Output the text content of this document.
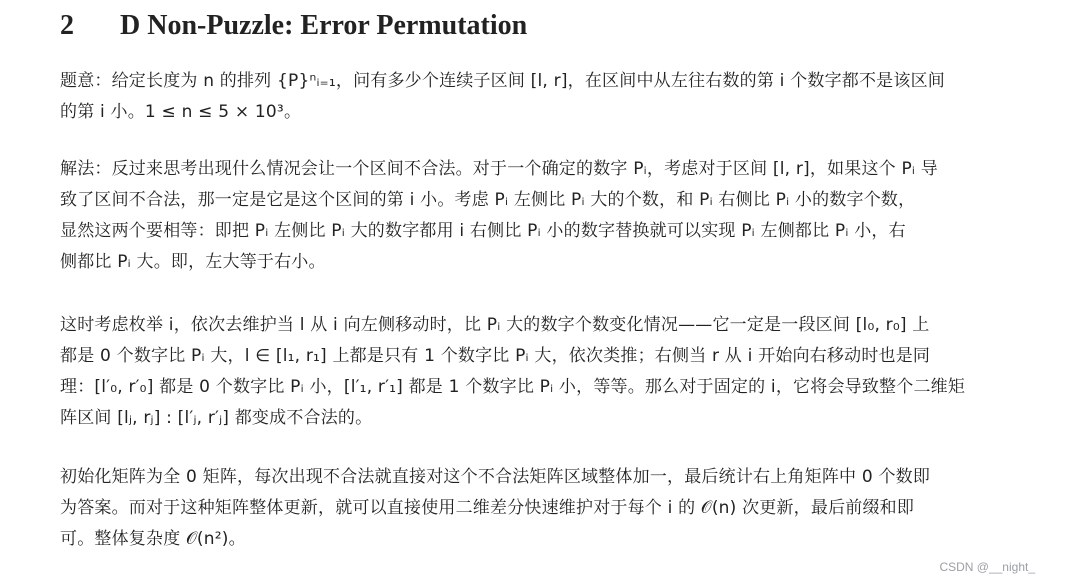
2 D Non-Puzzle: Error Permutation
题意：给定长度为 n 的排列 {P}ⁿᵢ₌₁，问有多少个连续子区间 [l, r]，在区间中从左往右数的第 i 个数字都不是该区间
的第 i 小。1 ≤ n ≤ 5 × 10³。
解法：反过来思考出现什么情况会让一个区间不合法。对于一个确定的数字 Pᵢ，考虑对于区间 [l, r]，如果这个 Pᵢ 导
致了区间不合法，那一定是它是这个区间的第 i 小。考虑 Pᵢ 左侧比 Pᵢ 大的个数，和 Pᵢ 右侧比 Pᵢ 小的数字个数，
显然这两个要相等：即把 Pᵢ 左侧比 Pᵢ 大的数字都用 i 右侧比 Pᵢ 小的数字替换就可以实现 Pᵢ 左侧都比 Pᵢ 小，右
侧都比 Pᵢ 大。即，左大等于右小。
这时考虑枚举 i，依次去维护当 l 从 i 向左侧移动时，比 Pᵢ 大的数字个数变化情况——它一定是一段区间 [l₀, r₀] 上
都是 0 个数字比 Pᵢ 大，l ∈ [l₁, r₁] 上都是只有 1 个数字比 Pᵢ 大，依次类推；右侧当 r 从 i 开始向右移动时也是同
理：[l′₀, r′₀] 都是 0 个数字比 Pᵢ 小，[l′₁, r′₁] 都是 1 个数字比 Pᵢ 小，等等。那么对于固定的 i，它将会导致整个二维矩
阵区间 [lⱼ, rⱼ] : [l′ⱼ, r′ⱼ] 都变成不合法的。
初始化矩阵为全 0 矩阵，每次出现不合法就直接对这个不合法矩阵区域整体加一，最后统计右上角矩阵中 0 个数即
为答案。而对于这种矩阵整体更新，就可以直接使用二维差分快速维护对于每个 i 的 𝒪(n) 次更新，最后前缀和即
可。整体复杂度 𝒪(n²)。
CSDN @__night_
